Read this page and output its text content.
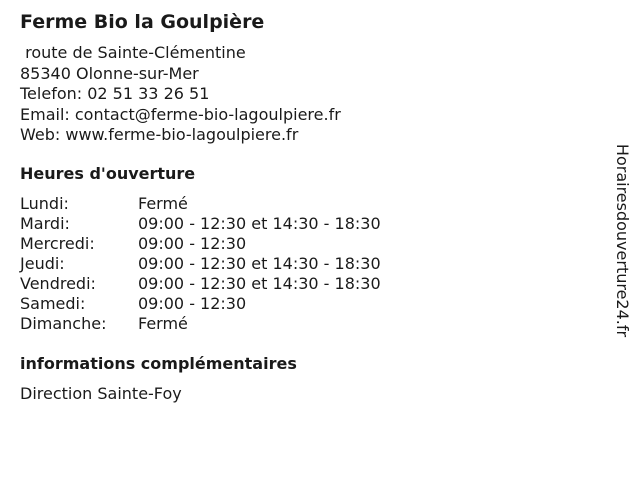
Ferme Bio la Goulpière
route de Sainte-Clémentine
85340 Olonne-sur-Mer
Telefon: 02 51 33 26 51
Email: contact@ferme-bio-lagoulpiere.fr
Web: www.ferme-bio-lagoulpiere.fr
Heures d'ouverture
Lundi:	Fermé
Mardi:	09:00 - 12:30 et 14:30 - 18:30
Mercredi:	09:00 - 12:30
Jeudi:	09:00 - 12:30 et 14:30 - 18:30
Vendredi:	09:00 - 12:30 et 14:30 - 18:30
Samedi:	09:00 - 12:30
Dimanche:	Fermé
informations complémentaires
Direction Sainte-Foy
Horairesdouverture24.fr
